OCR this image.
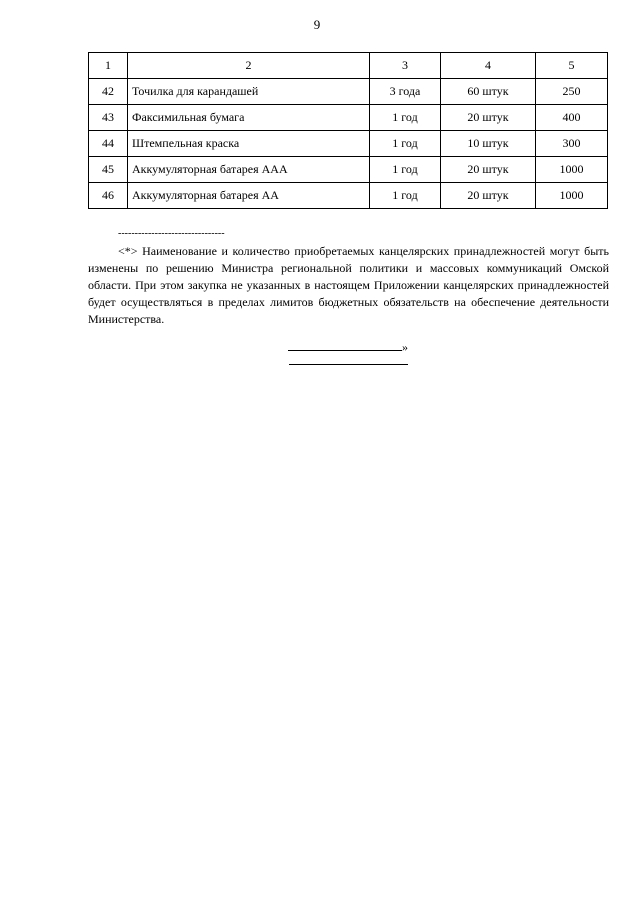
9
1	2	3	4	5
42	Точилка для карандашей	3 года	60 штук	250
43	Факсимильная бумага	1 год	20 штук	400
44	Штемпельная краска	1 год	10 штук	300
45	Аккумуляторная батарея ААА	1 год	20 штук	1000
46	Аккумуляторная батарея АА	1 год	20 штук	1000
--------------------------------

<*> Наименование и количество приобретаемых канцелярских принадлежностей могут быть изменены по решению Министра региональной политики и массовых коммуникаций Омской области. При этом закупка не указанных в настоящем Приложении канцелярских принадлежностей будет осуществляться в пределах лимитов бюджетных обязательств на обеспечение деятельности Министерства.

»
